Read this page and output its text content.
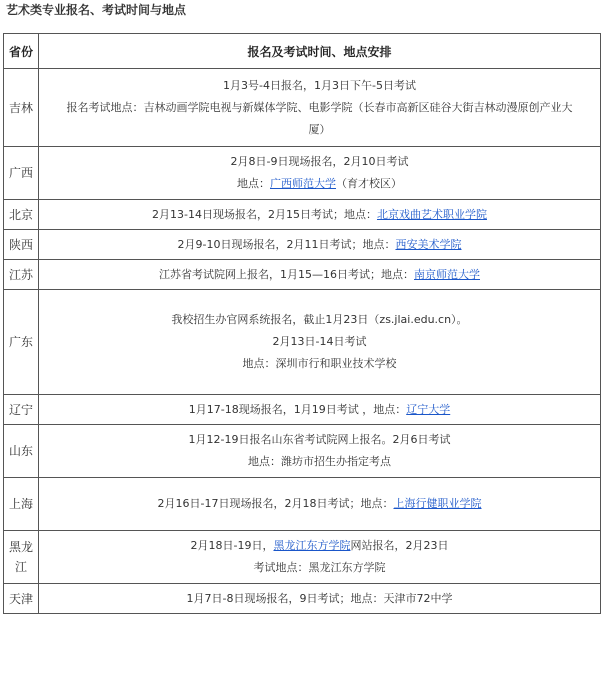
艺术类专业报名、考试时间与地点
省份	报名及考试时间、地点安排
吉林	1月3号-4日报名，1月3日下午-5日考试
报名考试地点：吉林动画学院电视与新媒体学院、电影学院（长春市高新区硅谷大街吉林动漫原创产业大
厦）

广西	2月8日-9日现场报名，2月10日考试
地点：广西师范大学（育才校区）

北京	2月13-14日现场报名，2月15日考试；地点：北京戏曲艺术职业学院

陕西	2月9-10日现场报名，2月11日考试；地点：西安美术学院

江苏	江苏省考试院网上报名，1月15—16日考试；地点：南京师范大学

广东	我校招生办官网系统报名，截止1月23日（zs.jlai.edu.cn）。
2月13日-14日考试
地点：深圳市行和职业技术学校

辽宁	1月17-18现场报名，1月19日考试 ，地点：辽宁大学

山东	1月12-19日报名山东省考试院网上报名。2月6日考试
地点：潍坊市招生办指定考点

上海	2月16日-17日现场报名，2月18日考试；地点：上海行健职业学院

黑龙江	2月18日-19日，黑龙江东方学院网站报名，2月23日
考试地点：黑龙江东方学院

天津	1月7日-8日现场报名，9日考试；地点：天津市72中学
